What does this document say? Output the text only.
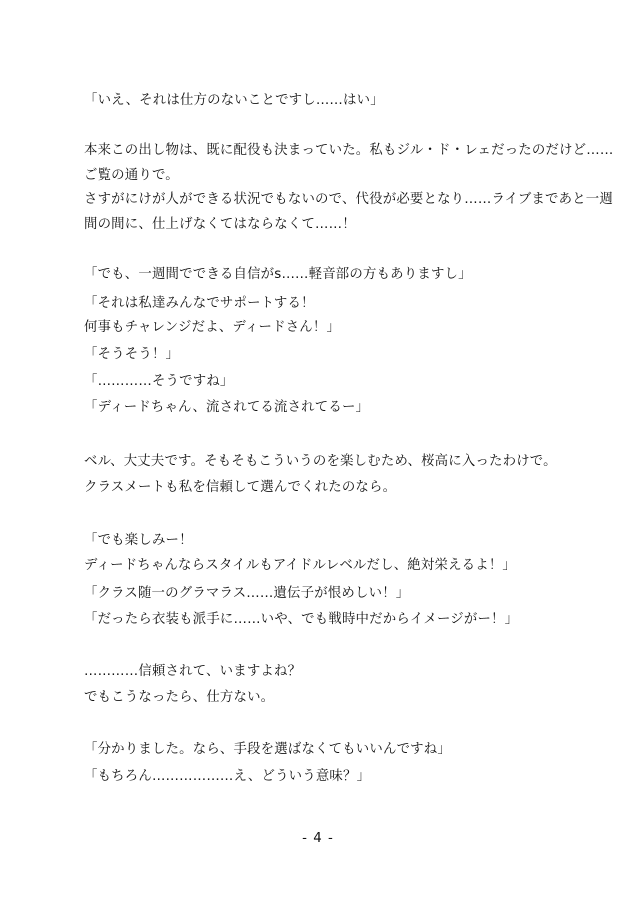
「いえ、それは仕方のないことですし……はい」
本来この出し物は、既に配役も決まっていた。私もジル・ド・レェだったのだけど……
ご覧の通りで。
さすがにけが人ができる状況でもないので、代役が必要となり……ライブまであと一週
間の間に、仕上げなくてはならなくて……！
「でも、一週間でできる自信がs……軽音部の方もありますし」
「それは私達みんなでサポートする！
何事もチャレンジだよ、ディードさん！」
「そうそう！」
「…………そうですね」
「ディードちゃん、流されてる流されてるー」
ベル、大丈夫です。そもそもこういうのを楽しむため、桜高に入ったわけで。
クラスメートも私を信頼して選んでくれたのなら。
「でも楽しみー！
ディードちゃんならスタイルもアイドルレベルだし、絶対栄えるよ！」
「クラス随一のグラマラス……遺伝子が恨めしい！」
「だったら衣装も派手に……いや、でも戦時中だからイメージがー！」
…………信頼されて、いますよね？
でもこうなったら、仕方ない。
「分かりました。なら、手段を選ばなくてもいいんですね」
「もちろん………………え、どういう意味？」
- 4 -
